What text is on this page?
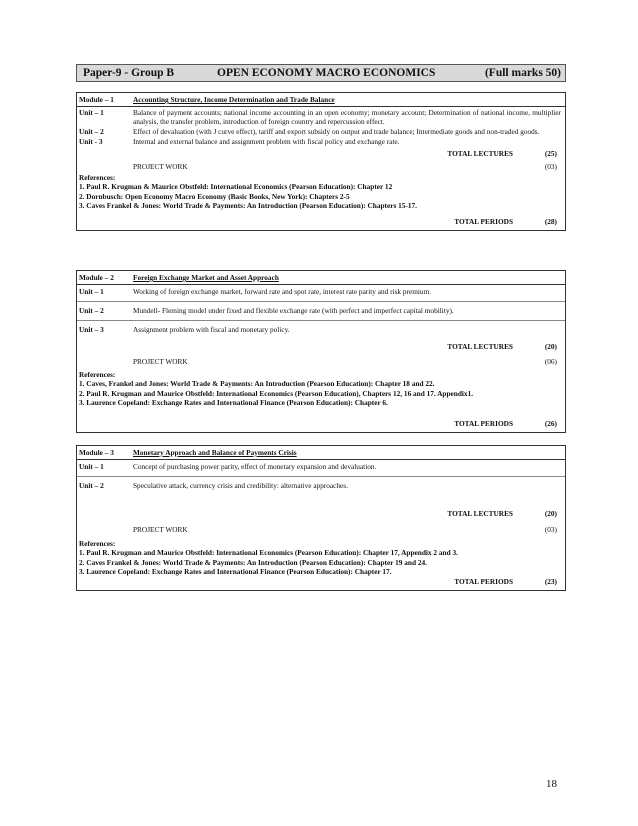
Paper-9 - Group B	OPEN ECONOMY MACRO ECONOMICS	(Full marks 50)
Module – 1	Accounting Structure, Income Determination and Trade Balance
Unit – 1	Balance of payment accounts; national income accounting in an open economy; monetary account; Determination of national income, multiplier analysis, the transfer problem, introduction of foreign country and repercussion effect.
Unit – 2	Effect of devaluation (with J curve effect), tariff and export subsidy on output and trade balance; Intermediate goods and non-traded goods.
Unit - 3	Internal and external balance and assignment problem with fiscal policy and exchange rate.
TOTAL LECTURES	(25)
PROJECT WORK	(03)
References:
1. Paul R. Krugman & Maurice Obstfeld: International Economics (Pearson Education): Chapter 12
2. Dornbusch: Open Economy Macro Economy (Basic Books, New York): Chapters 2-5
3. Caves Frankel & Jones: World Trade & Payments: An Introduction (Pearson Education): Chapters 15-17.
TOTAL PERIODS	(28)
Module – 2	Foreign Exchange Market and Asset Approach
Unit – 1	Working of foreign exchange market, forward rate and spot rate, interest rate parity and risk premium.
Unit – 2	Mundell- Fleming model under fixed and flexible exchange rate (with perfect and imperfect capital mobility).
Unit – 3	Assignment problem with fiscal and monetary policy.
TOTAL LECTURES	(20)
PROJECT WORK	(06)
References:
1. Caves, Frankel and Jones: World Trade & Payments: An Introduction (Pearson Education): Chapter 18 and 22.
2. Paul R. Krugman and Maurice Obstfeld: International Economics (Pearson Education), Chapters 12, 16 and 17. Appendix1.
3. Laurence Copeland: Exchange Rates and International Finance (Pearson Education): Chapter 6.
TOTAL PERIODS	(26)
Module – 3	Monetary Approach and Balance of Payments Crisis
Unit – 1	Concept of purchasing power parity, effect of monetary expansion and devaluation.
Unit – 2	Speculative attack, currency crisis and credibility: alternative approaches.
TOTAL LECTURES	(20)
PROJECT WORK	(03)
References:
1. Paul R. Krugman and Maurice Obstfeld: International Economics (Pearson Education): Chapter 17, Appendix 2 and 3.
2. Caves Frankel & Jones: World Trade & Payments: An Introduction (Pearson Education): Chapter 19 and 24.
3. Laurence Copeland: Exchange Rates and International Finance (Pearson Education): Chapter 17.
TOTAL PERIODS	(23)
18
